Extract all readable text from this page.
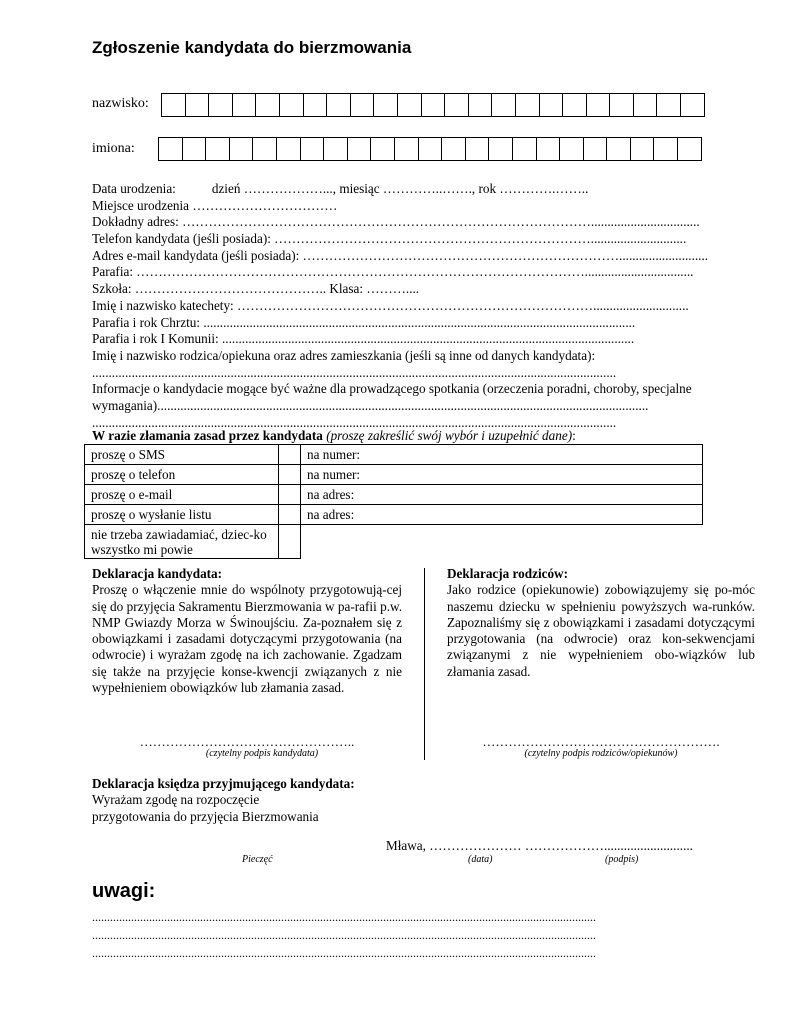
Zgłoszenie kandydata do bierzmowania
nazwisko:
imiona:
Data urodzenia:	dzień ………………..., miesiąc …………..……., rok ………….……..
Miejsce urodzenia ……………………………
Dokładny adres: ………………………………………………………………………………….................................
Telefon kandydata (jeśli posiada): ……………………………………………………………….............................
Adres e-mail kandydata (jeśli posiada): ………………………………………………………………...........................
Parafia: ………………………………………………………………………………………….................................
Szkoła: …………………………………….. Klasa: ………....
Imię i nazwisko katechety: ……………………………………………………………………….............................
Parafia i rok Chrztu: ...................................................................................................................................
Parafia i rok I Komunii: .............................................................................................................................
Imię i nazwisko rodzica/opiekuna oraz adres zamieszkania (jeśli są inne od danych kandydata):
...............................................................................................................................................................
Informacje o kandydacie mogące być ważne dla prowadzącego spotkania (orzeczenia poradni, choroby, specjalne
wymagania).....................................................................................................................................................
...............................................................................................................................................................
W razie złamania zasad przez kandydata (proszę zakreślić swój wybór i uzupełnić dane):
proszę o SMS		na numer:
proszę o telefon		na numer:
proszę o e-mail		na adres:
proszę o wysłanie listu		na adres:
nie trzeba zawiadamiać, dziec-ko wszystko mi powie		
Deklaracja kandydata:
Proszę o włączenie mnie do wspólnoty przygotowują-cej się do przyjęcia Sakramentu Bierzmowania w pa-rafii p.w. NMP Gwiazdy Morza w Świnoujściu. Za-poznałem się z obowiązkami i zasadami dotyczącymi przygotowania (na odwrocie) i wyrażam zgodę na ich zachowanie. Zgadzam się także na przyjęcie konse-kwencji związanych z nie wypełnieniem obowiązków lub złamania zasad.
…………………………………………..
(czytelny podpis kandydata)
Deklaracja rodziców:
Jako rodzice (opiekunowie) zobowiązujemy się po-móc naszemu dziecku w spełnieniu powyższych wa-runków. Zapoznaliśmy się z obowiązkami i zasadami dotyczącymi przygotowania (na odwrocie) oraz kon-sekwencjami związanymi z nie wypełnieniem obo-wiązków lub złamania zasad.
……………………………………………….
(czytelny podpis rodziców/opiekunów)
Deklaracja księdza przyjmującego kandydata:
Wyrażam zgodę na rozpoczęcie
przygotowania do przyjęcia Bierzmowania
Mława, ………………… ………………...........................
Pieczęć	(data)	(podpis)
uwagi:
........................................................................................................................................................................
........................................................................................................................................................................
........................................................................................................................................................................
